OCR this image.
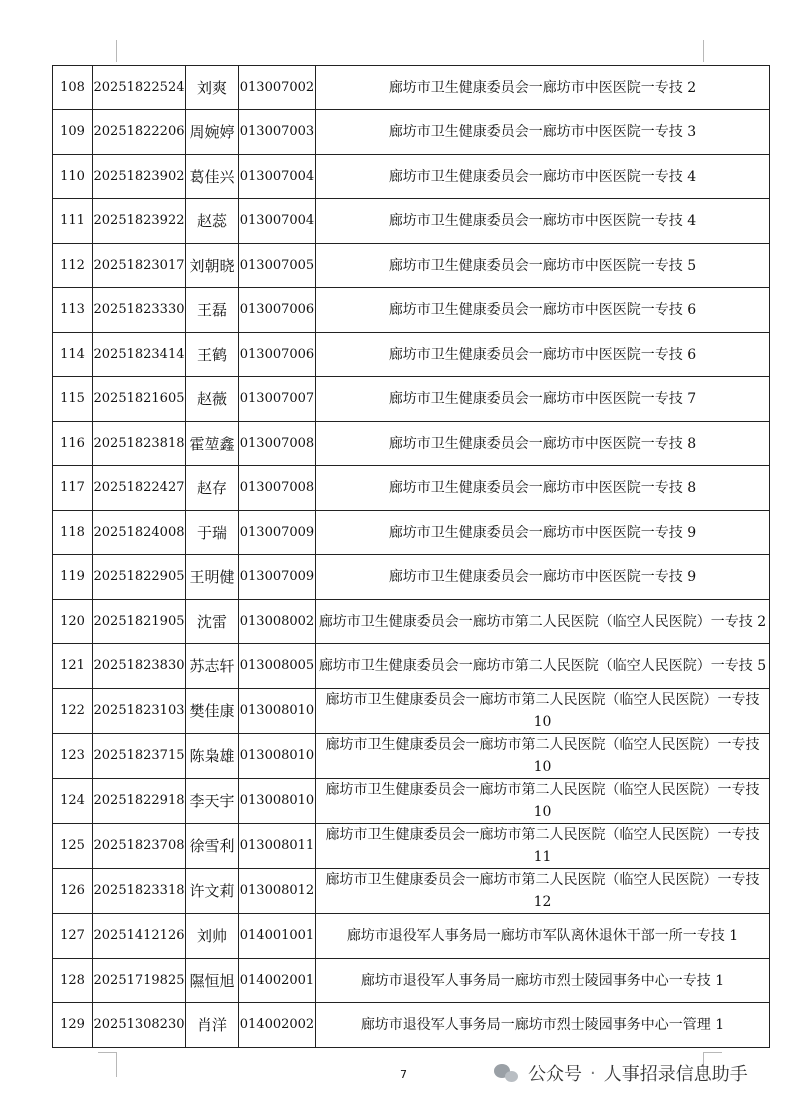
108	20251822524	刘爽	013007002	廊坊市卫生健康委员会一廊坊市中医医院一专技 2
109	20251822206	周婉婷	013007003	廊坊市卫生健康委员会一廊坊市中医医院一专技 3
110	20251823902	葛佳兴	013007004	廊坊市卫生健康委员会一廊坊市中医医院一专技 4
111	20251823922	赵蕊	013007004	廊坊市卫生健康委员会一廊坊市中医医院一专技 4
112	20251823017	刘朝晓	013007005	廊坊市卫生健康委员会一廊坊市中医医院一专技 5
113	20251823330	王磊	013007006	廊坊市卫生健康委员会一廊坊市中医医院一专技 6
114	20251823414	王鹤	013007006	廊坊市卫生健康委员会一廊坊市中医医院一专技 6
115	20251821605	赵薇	013007007	廊坊市卫生健康委员会一廊坊市中医医院一专技 7
116	20251823818	霍堃鑫	013007008	廊坊市卫生健康委员会一廊坊市中医医院一专技 8
117	20251822427	赵存	013007008	廊坊市卫生健康委员会一廊坊市中医医院一专技 8
118	20251824008	于瑞	013007009	廊坊市卫生健康委员会一廊坊市中医医院一专技 9
119	20251822905	王明健	013007009	廊坊市卫生健康委员会一廊坊市中医医院一专技 9
120	20251821905	沈雷	013008002	廊坊市卫生健康委员会一廊坊市第二人民医院（临空人民医院）一专技 2
121	20251823830	苏志轩	013008005	廊坊市卫生健康委员会一廊坊市第二人民医院（临空人民医院）一专技 5
122	20251823103	樊佳康	013008010	廊坊市卫生健康委员会一廊坊市第二人民医院（临空人民医院）一专技 10
123	20251823715	陈枭雄	013008010	廊坊市卫生健康委员会一廊坊市第二人民医院（临空人民医院）一专技 10
124	20251822918	李天宇	013008010	廊坊市卫生健康委员会一廊坊市第二人民医院（临空人民医院）一专技 10
125	20251823708	徐雪利	013008011	廊坊市卫生健康委员会一廊坊市第二人民医院（临空人民医院）一专技 11
126	20251823318	许文莉	013008012	廊坊市卫生健康委员会一廊坊市第二人民医院（临空人民医院）一专技 12
127	20251412126	刘帅	014001001	廊坊市退役军人事务局一廊坊市军队离休退休干部一所一专技 1
128	20251719825	隰恒旭	014002001	廊坊市退役军人事务局一廊坊市烈士陵园事务中心一专技 1
129	20251308230	肖洋	014002002	廊坊市退役军人事务局一廊坊市烈士陵园事务中心一管理 1
7	公众号 · 人事招录信息助手
